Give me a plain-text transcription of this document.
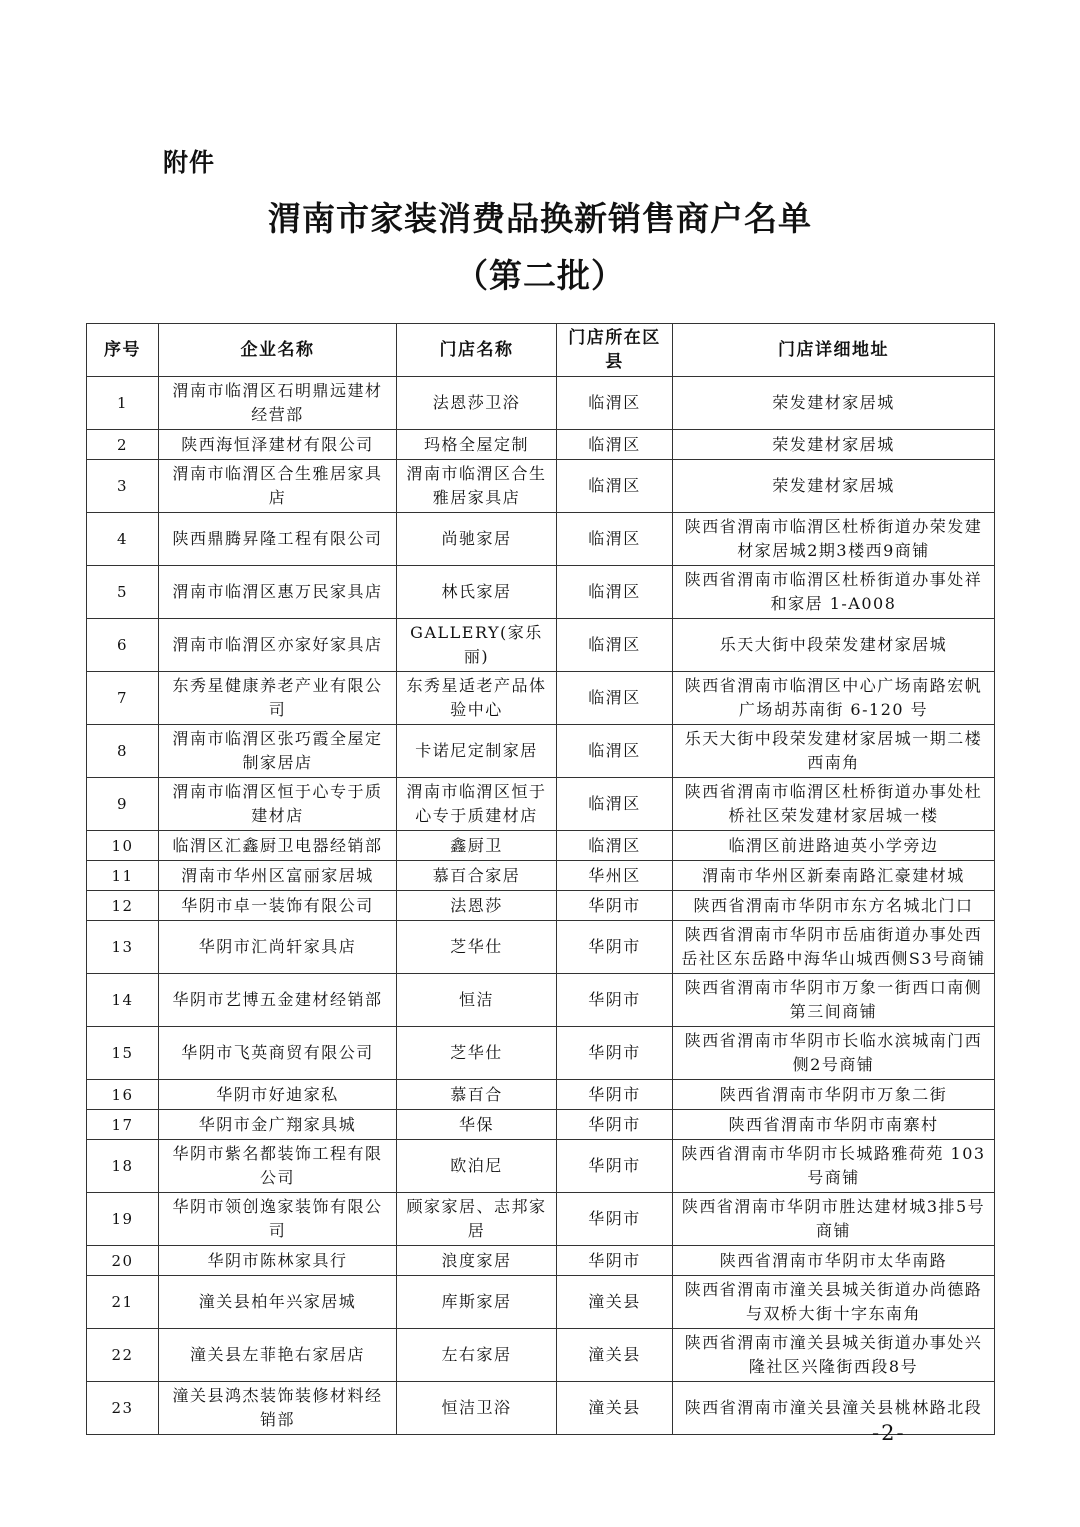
附件
渭南市家装消费品换新销售商户名单
（第二批）
序号	企业名称	门店名称	门店所在区县	门店详细地址
1	渭南市临渭区石明鼎远建材经营部	法恩莎卫浴	临渭区	荣发建材家居城
2	陕西海恒泽建材有限公司	玛格全屋定制	临渭区	荣发建材家居城
3	渭南市临渭区合生雅居家具店	渭南市临渭区合生雅居家具店	临渭区	荣发建材家居城
4	陕西鼎腾昇隆工程有限公司	尚驰家居	临渭区	陕西省渭南市临渭区杜桥街道办荣发建材家居城2期3楼西9商铺
5	渭南市临渭区惠万民家具店	林氏家居	临渭区	陕西省渭南市临渭区杜桥街道办事处祥和家居 1-A008
6	渭南市临渭区亦家好家具店	GALLERY(家乐丽)	临渭区	乐天大街中段荣发建材家居城
7	东秀星健康养老产业有限公司	东秀星适老产品体验中心	临渭区	陕西省渭南市临渭区中心广场南路宏帆广场胡苏南街 6-120 号
8	渭南市临渭区张巧霞全屋定制家居店	卡诺尼定制家居	临渭区	乐天大街中段荣发建材家居城一期二楼西南角
9	渭南市临渭区恒于心专于质建材店	渭南市临渭区恒于心专于质建材店	临渭区	陕西省渭南市临渭区杜桥街道办事处杜桥社区荣发建材家居城一楼
10	临渭区汇鑫厨卫电器经销部	鑫厨卫	临渭区	临渭区前进路迪英小学旁边
11	渭南市华州区富丽家居城	慕百合家居	华州区	渭南市华州区新秦南路汇豪建材城
12	华阴市卓一装饰有限公司	法恩莎	华阴市	陕西省渭南市华阴市东方名城北门口
13	华阴市汇尚轩家具店	芝华仕	华阴市	陕西省渭南市华阴市岳庙街道办事处西岳社区东岳路中海华山城西侧S3号商铺
14	华阴市艺博五金建材经销部	恒洁	华阴市	陕西省渭南市华阴市万象一街西口南侧第三间商铺
15	华阴市飞英商贸有限公司	芝华仕	华阴市	陕西省渭南市华阴市长临水滨城南门西侧2号商铺
16	华阴市好迪家私	慕百合	华阴市	陕西省渭南市华阴市万象二街
17	华阴市金广翔家具城	华保	华阴市	陕西省渭南市华阴市南寨村
18	华阴市紫名都装饰工程有限公司	欧泊尼	华阴市	陕西省渭南市华阴市长城路雅荷苑 103 号商铺
19	华阴市领创逸家装饰有限公司	顾家家居、志邦家居	华阴市	陕西省渭南市华阴市胜达建材城3排5号商铺
20	华阴市陈林家具行	浪度家居	华阴市	陕西省渭南市华阴市太华南路
21	潼关县柏年兴家居城	库斯家居	潼关县	陕西省渭南市潼关县城关街道办尚德路与双桥大街十字东南角
22	潼关县左菲艳右家居店	左右家居	潼关县	陕西省渭南市潼关县城关街道办事处兴隆社区兴隆街西段8号
23	潼关县鸿杰装饰装修材料经销部	恒洁卫浴	潼关县	陕西省渭南市潼关县潼关县桃林路北段
-2-
